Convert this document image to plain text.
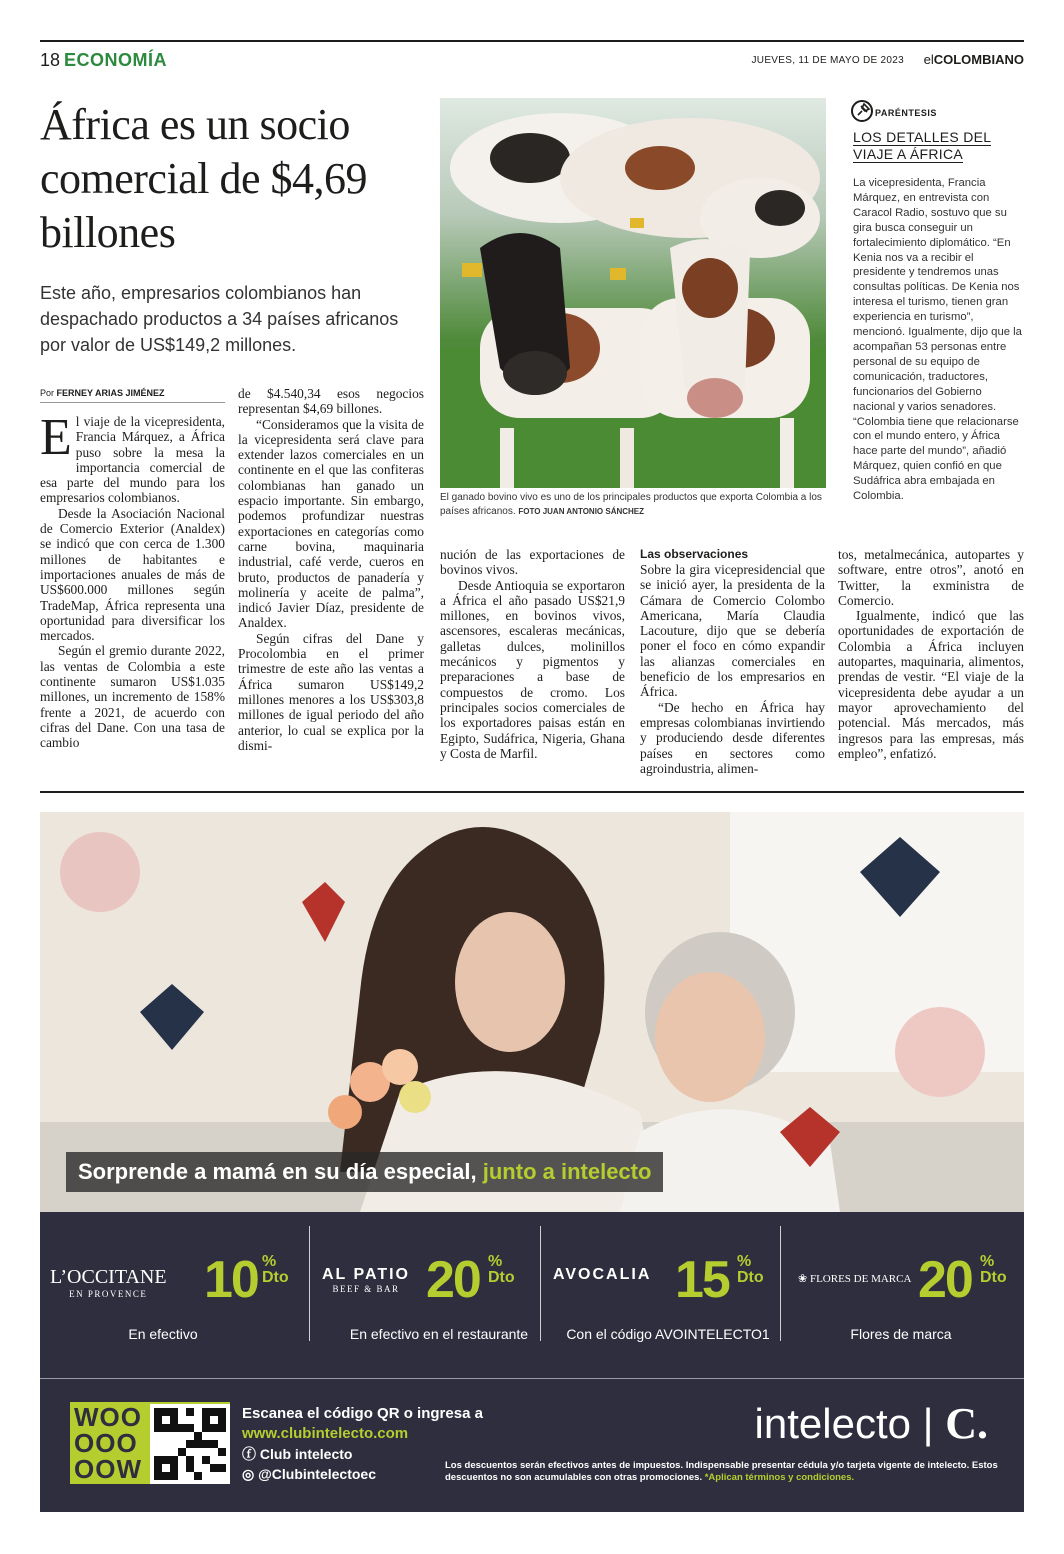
18 ECONOMÍA	JUEVES, 11 DE MAYO DE 2023 elCOLOMBIANO
África es un socio comercial de $4,69 billones

Este año, empresarios colombianos han despachado productos a 34 países africanos por valor de US$149,2 millones.

Por FERNEY ARIAS JIMÉNEZ

El viaje de la vicepresidenta, Francia Márquez, a África puso sobre la mesa la importancia comercial de esa parte del mundo para los empresarios colombianos.

Desde la Asociación Nacional de Comercio Exterior (Analdex) se indicó que con cerca de 1.300 millones de habitantes e importaciones anuales de más de US$600.000 millones según TradeMap, África representa una oportunidad para diversificar los mercados.

Según el gremio durante 2022, las ventas de Colombia a este continente sumaron US$1.035 millones, un incremento de 158% frente a 2021, de acuerdo con cifras del Dane. Con una tasa de cambio

de $4.540,34 esos negocios representan $4,69 billones.

“Consideramos que la visita de la vicepresidenta será clave para extender lazos comerciales en un continente en el que las confiteras colombianas han ganado un espacio importante. Sin embargo, podemos profundizar nuestras exportaciones en categorías como carne bovina, maquinaria industrial, café verde, cueros en bruto, productos de panadería y molinería y aceite de palma”, indicó Javier Díaz, presidente de Analdex.

Según cifras del Dane y Procolombia en el primer trimestre de este año las ventas a África sumaron US$149,2 millones menores a los US$303,8 millones de igual periodo del año anterior, lo cual se explica por la dismi-

El ganado bovino vivo es uno de los principales productos que exporta Colombia a los países africanos. FOTO JUAN ANTONIO SÁNCHEZ

nución de las exportaciones de bovinos vivos.

Desde Antioquia se exportaron a África el año pasado US$21,9 millones, en bovinos vivos, ascensores, escaleras mecánicas, galletas dulces, molinillos mecánicos y pigmentos y preparaciones a base de compuestos de cromo. Los principales socios comerciales de los exportadores paisas están en Egipto, Sudáfrica, Nigeria, Ghana y Costa de Marfil.

Las observaciones

Sobre la gira vicepresidencial que se inició ayer, la presidenta de la Cámara de Comercio Colombo Americana, María Claudia Lacouture, dijo que se debería poner el foco en cómo expandir las alianzas comerciales en beneficio de los empresarios en África.

“De hecho en África hay empresas colombianas invirtiendo y produciendo desde diferentes países en sectores como agroindustria, alimen-

tos, metalmecánica, autopartes y software, entre otros”, anotó en Twitter, la exministra de Comercio.

Igualmente, indicó que las oportunidades de exportación de Colombia a África incluyen autopartes, maquinaria, alimentos, prendas de vestir. “El viaje de la vicepresidenta debe ayudar a un mayor aprovechamiento del potencial. Más mercados, más ingresos para las empresas, más empleo”, enfatizó.

PARÉNTESIS
LOS DETALLES DEL
VIAJE A ÁFRICA

La vicepresidenta, Francia Márquez, en entrevista con Caracol Radio, sostuvo que su gira busca conseguir un fortalecimiento diplomático. “En Kenia nos va a recibir el presidente y tendremos unas consultas políticas. De Kenia nos interesa el turismo, tienen gran experiencia en turismo”, mencionó. Igualmente, dijo que la acompañan 53 personas entre personal de su equipo de comunicación, traductores, funcionarios del Gobierno nacional y varios senadores. “Colombia tiene que relacionarse con el mundo entero, y África hace parte del mundo”, añadió Márquez, quien confió en que Sudáfrica abra embajada en Colombia.

Sorprende a mamá en su día especial, junto a intelecto
L’OCCITANE
EN PROVENCE	10 %
Dto
En efectivo
AL PATIO
BEEF & BAR 20 %
Dto
En efectivo en el restaurante
AVOCALIA 15 %
Dto
Con el código AVOINTELECTO1
❀ FLORES DE MARCA 20 %
Dto
Flores de marca
WOO OOO OOW
Escanea el código QR o ingresa a
www.clubintelecto.com
ⓕ Club intelecto
◎ @Clubintelectoec
intelecto | C.

Los descuentos serán efectivos antes de impuestos. Indispensable presentar cédula y/o tarjeta vigente de intelecto. Estos descuentos no son acumulables con otras promociones. *Aplican términos y condiciones.
